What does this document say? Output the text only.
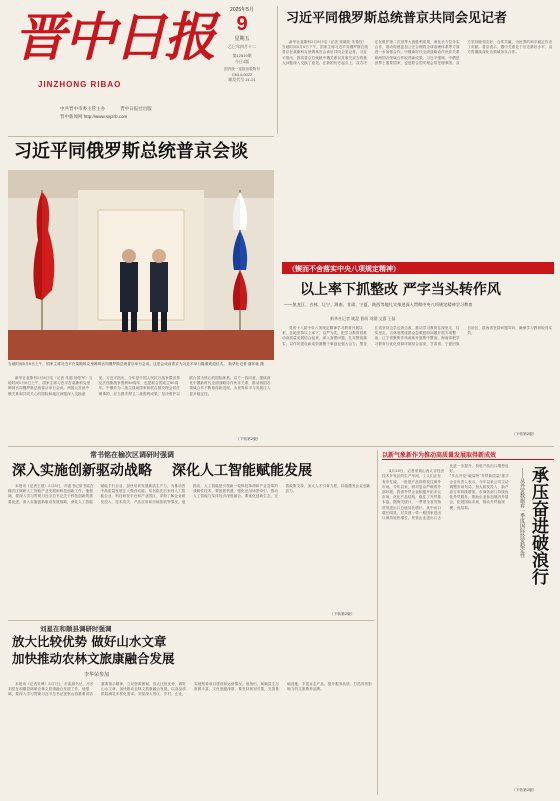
晋中日报
JINZHONG RIBAO
2025年5月
9
星期五
乙巳年四月十二
第12519期
今日4版
国内统一连续出版物号
CN14-0022
邮发代号 21-21
中共晋中市委主管主办	晋中日报社出版
晋中新闻网 http://www.sxjzrb.com
习近平同俄罗斯总统普京共同会见记者

新华社莫斯科5月8日电（记者 张晓松 朱基钗）当地时间5月8日下午，国家主席习近平同俄罗斯总统普京在莫斯科克里姆林宫会谈后共同会见记者。习近平指出，我同普京总统就中俄关系以及事关双方的重大问题深入交换了意见。在新的历史起点上，双方决定在维护第二次世界大战胜利成果，深化全方位务实合作，推动构建更加公正合理的全球治理体系等方面进一步加强合作。中俄新时代全面战略协作伙伴关系和两国各领域合作取得新成果。习近平强调，中俄是世界上重要国家，也是联合国安理会常任理事国。双方坚持睦邻友好、合作共赢，为世界的和平稳定作出了贡献。普京表示，俄中关系处于历史最好水平，双方将继续深化各领域务实合作。

习近平同俄罗斯总统普京会谈
当地时间5月8日上午，国家主席习近平在莫斯科克里姆林宫同俄罗斯总统普京举行会谈。这是会谈前普京为习近平举行隆重欢迎仪式。 新华社记者 谢环驰 摄

新华社莫斯科5月8日电（记者 朱超 杨依军）当地时间5月8日上午，国家主席习近平在莫斯科克里姆林宫同俄罗斯总统普京举行会谈。两国元首就中俄关系和共同关心的国际和地区问题深入交换意见。习近平指出，今年是中国人民抗日战争暨世界反法西斯战争胜利80周年，也是联合国成立80周年。中俄作为二战主战场国家和联合国安理会常任理事国，应当携手捍卫二战胜利成果，坚决维护以联合国为核心的国际体系。双方一致同意，继续深化中俄新时代全面战略协作伙伴关系，推动两国各领域合作不断取得新进展，为世界和平与发展注入更多稳定性。

（下转第2版）
（锲而不舍落实中央八项规定精神）
以上率下抓整改 严字当头转作风
——黑龙江、吉林、辽宁、海南、甘肃、宁夏、陕西等地扎实推进深入贯彻中央八项规定精神学习教育
新华社记者 姚湜 曹萌 刘涵 文露 王磊

党的十八届中央八项规定精神学习教育开展以来，各地坚持以上率下、以严为先，把学习教育同推动高质量发展结合起来，深入查摆问题，扎实整改落实，以作风建设新成效凝聚干事创业强大合力。黑龙江省坚持边学边查边改，推动学习教育往深里走、往实里走。吉林省围绕群众急难愁盼问题开展专项整治，辽宁省聚焦作风顽疾开展集中整治，海南省把学习教育与优化营商环境结合起来，甘肃省、宁夏回族自治区、陕西省坚持问题导向，确保学习教育取得实效。

（下转第2版）
常书铭在榆次区调研时强调
深入实施创新驱动战略 深化人工智能赋能发展

本报讯（记者王煜）5月8日，市委书记常书铭在榆次区调研人工智能产业发展和科技创新工作。他强调，要深入学习贯彻习近平总书记关于科技创新的重要论述，深入实施创新驱动发展战略，深化人工智能赋能千行百业，加快培育发展新质生产力，为推动晋中高质量发展注入强劲动能。常书铭先后来到人工智能企业、科技研发平台和产业园区，详细了解企业研发投入、技术攻关、产品应用和市场拓展等情况。他指出，人工智能是引领新一轮科技革命和产业变革的战略性技术，要抢抓机遇，强化应用场景牵引，推动人工智能与实体经济深度融合。要优化创新生态，完善政策支持，加大人才引育力度，持续激发企业创新活力。

（下转第2版）
刘星在和顺县调研时强调
放大比较优势 做好山水文章
加快推动农林文旅康融合发展
李华荣参加

本报讯（记者吴博）5月7日，市委副书记、市长刘星在和顺县调研农林文旅康融合发展工作。他强调，要深入学习贯彻习近平总书记视察山西重要讲话重要指示精神，立足资源禀赋，放大比较优势，做好山水文章，加快推动农林文旅康融合发展，以高品质供给满足多样化需求。刘星深入景区、乡村、企业，实地察看项目建设和运营情况。他指出，和顺县生态资源丰富、文化底蕴深厚，要坚持规划引领，完善基础设施，丰富业态产品，提升服务品质，打造具有影响力的文旅康养品牌。

以新气象新作为推动高质量发展取得新成效
承压奋进破浪行
——从外贸数据看一季度国际经贸稳定性

4月28日，记者来到山西太谷经济技术开发区的生产车间，工人们正在有序忙碌，一批批产品即将发往海外市场。今年以来，面对复杂严峻的外部环境，我省外贸企业积极开拓多元市场，优化产品结构，稳住了外贸基本盘。据海关统计，一季度全省货物贸易进出口总值同比增长，其中出口增长明显，对共建一带一路国家进出口保持较快增长。民营企业进出口占比进一步提升，机电产品出口增势良好。
“多点开花”破局特“外贸新质量”抓手
企业负责人表示，今年以来公司主动调整市场布局，加大研发投入，新产品订单持续增加。市商务部门持续优化外贸服务，帮助企业参加境内外展会，拓展国际市场，推动外贸稳规模、优结构。

（下转第2版）
